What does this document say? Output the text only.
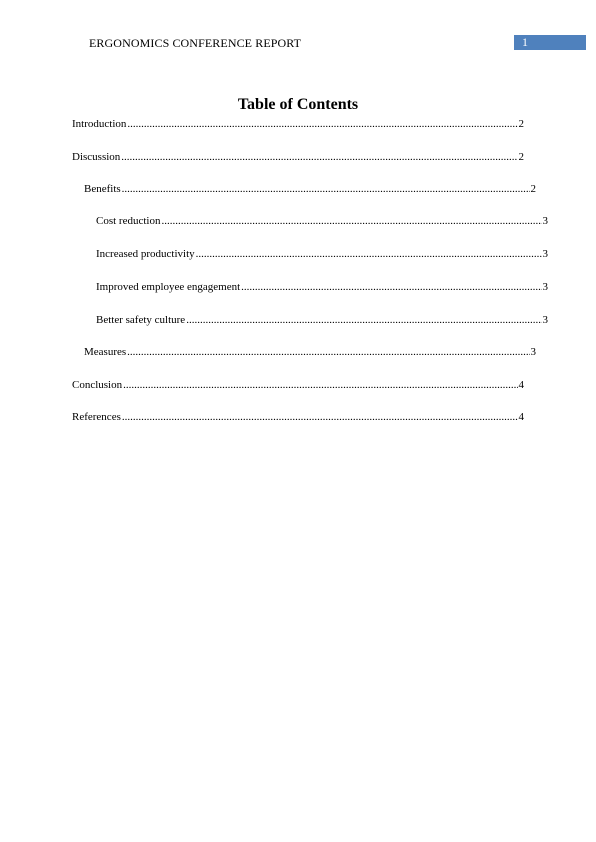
ERGONOMICS CONFERENCE REPORT	1
Table of Contents
Introduction .....	2
Discussion .....	2
Benefits .....	2
Cost reduction .....	3
Increased productivity .....	3
Improved employee engagement .....	3
Better safety culture .....	3
Measures .....	3
Conclusion .....	4
References .....	4
